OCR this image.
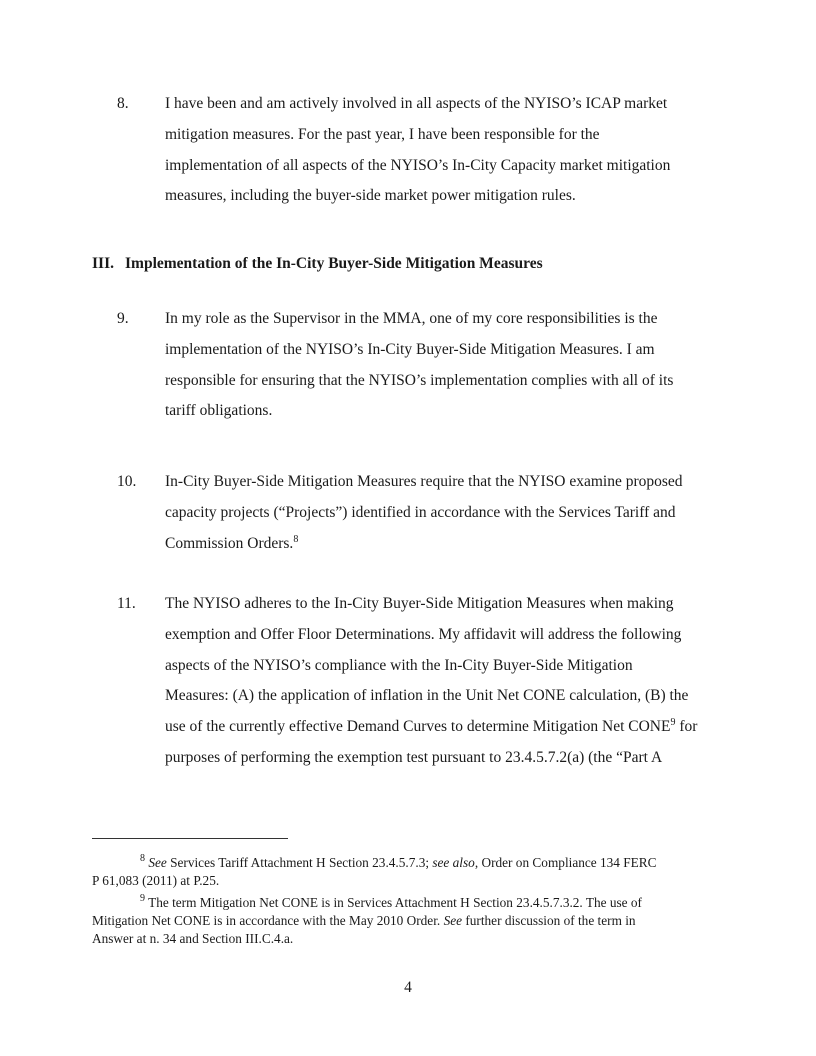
8. I have been and am actively involved in all aspects of the NYISO’s ICAP market
mitigation measures. For the past year, I have been responsible for the
implementation of all aspects of the NYISO’s In-City Capacity market mitigation
measures, including the buyer-side market power mitigation rules.
III. Implementation of the In-City Buyer-Side Mitigation Measures
9. In my role as the Supervisor in the MMA, one of my core responsibilities is the
implementation of the NYISO’s In-City Buyer-Side Mitigation Measures. I am
responsible for ensuring that the NYISO’s implementation complies with all of its
tariff obligations.
10. In-City Buyer-Side Mitigation Measures require that the NYISO examine proposed
capacity projects (“Projects”) identified in accordance with the Services Tariff and
Commission Orders.$^8$
11. The NYISO adheres to the In-City Buyer-Side Mitigation Measures when making
exemption and Offer Floor Determinations. My affidavit will address the following
aspects of the NYISO’s compliance with the In-City Buyer-Side Mitigation
Measures: (A) the application of inflation in the Unit Net CONE calculation, (B) the
use of the currently effective Demand Curves to determine Mitigation Net CONE$^9$ for
purposes of performing the exemption test pursuant to 23.4.5.7.2(a) (the “Part A
$^8$ See Services Tariff Attachment H Section 23.4.5.7.3; see also, Order on Compliance 134 FERC
P 61,083 (2011) at P.25.
$^9$ The term Mitigation Net CONE is in Services Attachment H Section 23.4.5.7.3.2. The use of
Mitigation Net CONE is in accordance with the May 2010 Order. See further discussion of the term in
Answer at n. 34 and Section III.C.4.a.
4
